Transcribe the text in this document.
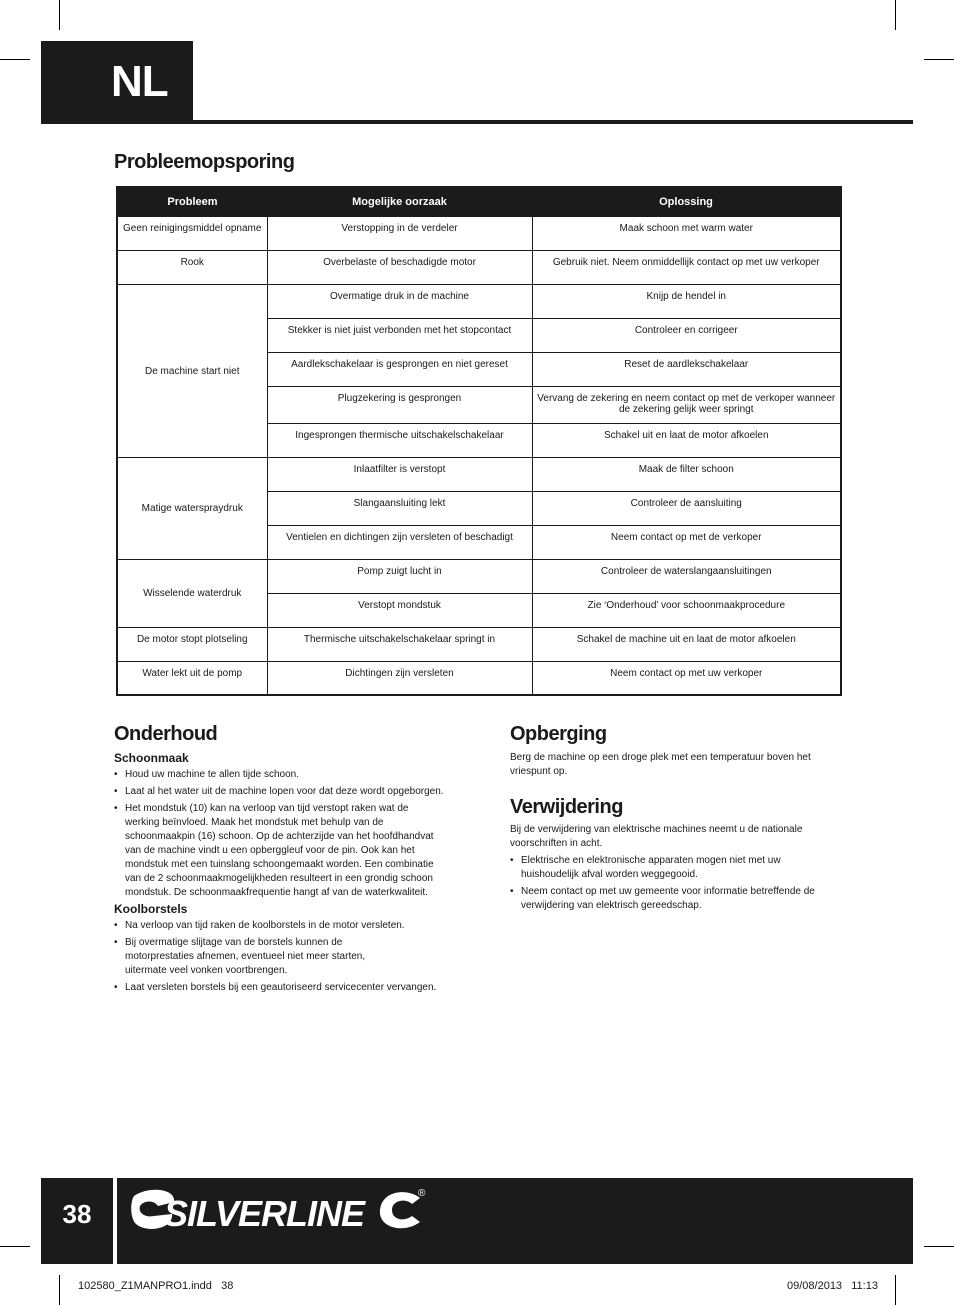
NL
Probleemopsporing
Probleem	Mogelijke oorzaak	Oplossing
Geen reinigingsmiddel opname	Verstopping in de verdeler	Maak schoon met warm water
Rook	Overbelaste of beschadigde motor	Gebruik niet. Neem onmiddellijk contact op met uw verkoper
De machine start niet	Overmatige druk in de machine	Knijp de hendel in
	Stekker is niet juist verbonden met het stopcontact	Controleer en corrigeer
	Aardlekschakelaar is gesprongen en niet gereset	Reset de aardlekschakelaar
	Plugzekering is gesprongen	Vervang de zekering en neem contact op met de verkoper wanneer de zekering gelijk weer springt
	Ingesprongen thermische uitschakelschakelaar	Schakel uit en laat de motor afkoelen
Matige waterspraydruk	Inlaatfilter is verstopt	Maak de filter schoon
	Slangaansluiting lekt	Controleer de aansluiting
	Ventielen en dichtingen zijn versleten of beschadigt	Neem contact op met de verkoper
Wisselende waterdruk	Pomp zuigt lucht in	Controleer de waterslangaansluitingen
	Verstopt mondstuk	Zie ‘Onderhoud’ voor schoonmaakprocedure
De motor stopt plotseling	Thermische uitschakelschakelaar springt in	Schakel de machine uit en laat de motor afkoelen
Water lekt uit de pomp	Dichtingen zijn versleten	Neem contact op met uw verkoper
Onderhoud
Schoonmaak
• Houd uw machine te allen tijde schoon.
• Laat al het water uit de machine lopen voor dat deze wordt opgeborgen.
• Het mondstuk (10) kan na verloop van tijd verstopt raken wat de werking beïnvloed. Maak het mondstuk met behulp van de schoonmaakpin (16) schoon. Op de achterzijde van het hoofdhandvat van de machine vindt u een opberggleuf voor de pin. Ook kan het mondstuk met een tuinslang schoongemaakt worden. Een combinatie van de 2 schoonmaakmogelijkheden resulteert in een grondig schoon mondstuk. De schoonmaakfrequentie hangt af van de waterkwaliteit.
Koolborstels
• Na verloop van tijd raken de koolborstels in de motor versleten.
• Bij overmatige slijtage van de borstels kunnen de motorprestaties afnemen, eventueel niet meer starten, uitermate veel vonken voortbrengen.
• Laat versleten borstels bij een geautoriseerd servicecenter vervangen.
Opberging

Berg de machine op een droge plek met een temperatuur boven het vriespunt op.

Verwijdering

Bij de verwijdering van elektrische machines neemt u de nationale voorschriften in acht.

• Elektrische en elektronische apparaten mogen niet met uw huishoudelijk afval worden weggegooid.
• Neem contact op met uw gemeente voor informatie betreffende de verwijdering van elektrisch gereedschap.
38	SILVERLINE	®
102580_Z1MANPRO1.indd   38	09/08/2013   11:13
